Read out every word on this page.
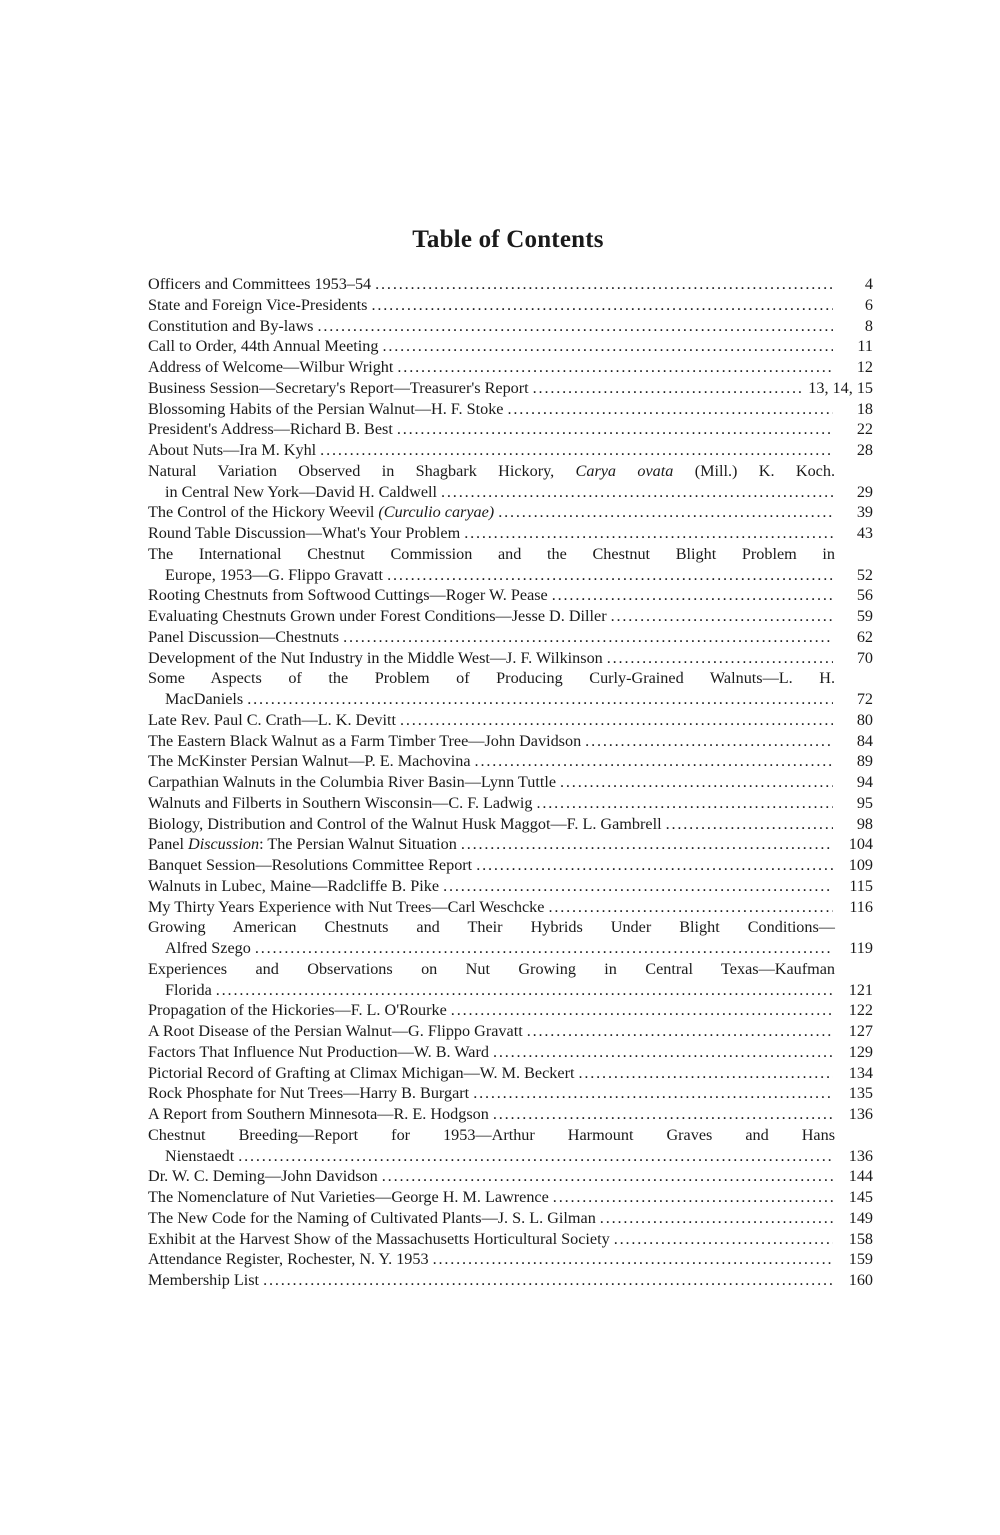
Table of Contents
Officers and Committees 1953–54 . . .	4
State and Foreign Vice-Presidents . . .	6
Constitution and By-laws . . .	8
Call to Order, 44th Annual Meeting . . .	11
Address of Welcome—Wilbur Wright . . .	12
Business Session—Secretary's Report—Treasurer's Report . . .	13, 14, 15
Blossoming Habits of the Persian Walnut—H. F. Stoke . . .	18
President's Address—Richard B. Best . . .	22
About Nuts—Ira M. Kyhl . . .	28
Natural Variation Observed in Shagbark Hickory, Carya ovata (Mill.) K. Koch.
in Central New York—David H. Caldwell . . .	29
The Control of the Hickory Weevil (Curculio caryae) . . .	39
Round Table Discussion—What's Your Problem . . .	43
The International Chestnut Commission and the Chestnut Blight Problem in
Europe, 1953—G. Flippo Gravatt . . .	52
Rooting Chestnuts from Softwood Cuttings—Roger W. Pease . . .	56
Evaluating Chestnuts Grown under Forest Conditions—Jesse D. Diller . . .	59
Panel Discussion—Chestnuts . . .	62
Development of the Nut Industry in the Middle West—J. F. Wilkinson . . .	70
Some Aspects of the Problem of Producing Curly-Grained Walnuts—L. H.
MacDaniels . . .	72
Late Rev. Paul C. Crath—L. K. Devitt . . .	80
The Eastern Black Walnut as a Farm Timber Tree—John Davidson . . .	84
The McKinster Persian Walnut—P. E. Machovina . . .	89
Carpathian Walnuts in the Columbia River Basin—Lynn Tuttle . . .	94
Walnuts and Filberts in Southern Wisconsin—C. F. Ladwig . . .	95
Biology, Distribution and Control of the Walnut Husk Maggot—F. L. Gambrell . . .	98
Panel Discussion: The Persian Walnut Situation . . .	104
Banquet Session—Resolutions Committee Report . . .	109
Walnuts in Lubec, Maine—Radcliffe B. Pike . . .	115
My Thirty Years Experience with Nut Trees—Carl Weschcke . . .	116
Growing American Chestnuts and Their Hybrids Under Blight Conditions—
Alfred Szego . . .	119
Experiences and Observations on Nut Growing in Central Texas—Kaufman
Florida . . .	121
Propagation of the Hickories—F. L. O'Rourke . . .	122
A Root Disease of the Persian Walnut—G. Flippo Gravatt . . .	127
Factors That Influence Nut Production—W. B. Ward . . .	129
Pictorial Record of Grafting at Climax Michigan—W. M. Beckert . . .	134
Rock Phosphate for Nut Trees—Harry B. Burgart . . .	135
A Report from Southern Minnesota—R. E. Hodgson . . .	136
Chestnut Breeding—Report for 1953—Arthur Harmount Graves and Hans
Nienstaedt . . .	136
Dr. W. C. Deming—John Davidson . . .	144
The Nomenclature of Nut Varieties—George H. M. Lawrence . . .	145
The New Code for the Naming of Cultivated Plants—J. S. L. Gilman . . .	149
Exhibit at the Harvest Show of the Massachusetts Horticultural Society . . .	158
Attendance Register, Rochester, N. Y. 1953 . . .	159
Membership List . . .	160
